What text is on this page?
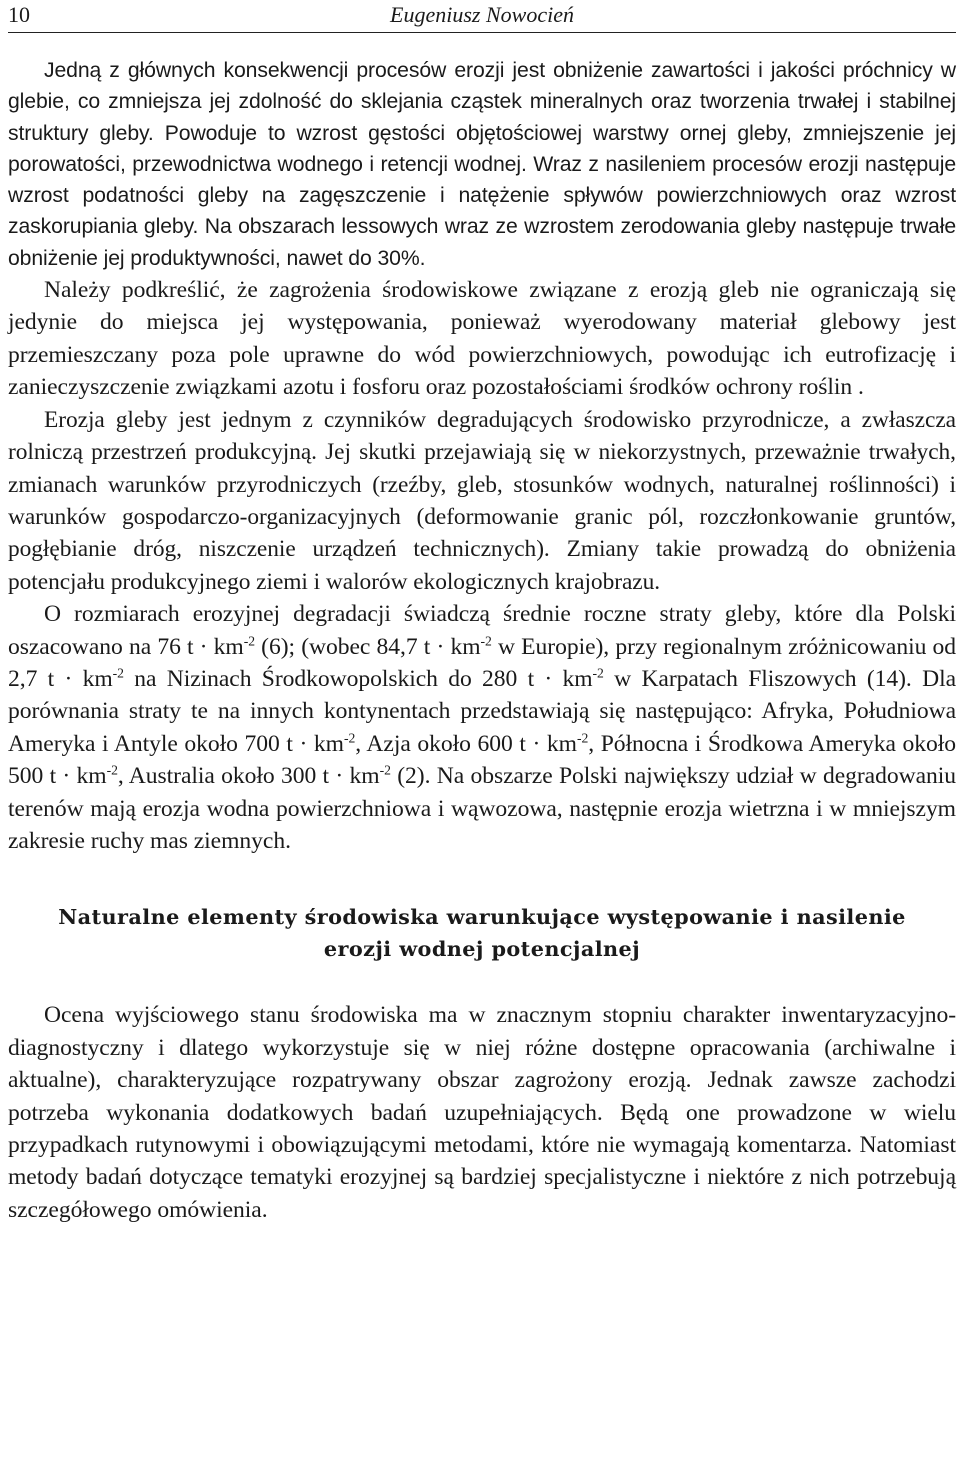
10	Eugeniusz Nowocień

Jedną z głównych konsekwencji procesów erozji jest obniżenie zawartości i jakości próchnicy w glebie, co zmniejsza jej zdolność do sklejania cząstek mineralnych oraz tworzenia trwałej i stabilnej struktury gleby. Powoduje to wzrost gęstości objętościowej warstwy ornej gleby, zmniejszenie jej porowatości, przewodnictwa wodnego i retencji wodnej. Wraz z nasileniem procesów erozji następuje wzrost podatności gleby na zagęszczenie i natężenie spływów powierzchniowych oraz wzrost zaskorupiania gleby. Na obszarach lessowych wraz ze wzrostem zerodowania gleby następuje trwałe obniżenie jej produktywności, nawet do 30%.

Należy podkreślić, że zagrożenia środowiskowe związane z erozją gleb nie ograniczają się jedynie do miejsca jej występowania, ponieważ wyerodowany materiał glebowy jest przemieszczany poza pole uprawne do wód powierzchniowych, powodując ich eutrofizację i zanieczyszczenie związkami azotu i fosforu oraz pozostałościami środków ochrony roślin .

Erozja gleby jest jednym z czynników degradujących środowisko przyrodnicze, a zwłaszcza rolniczą przestrzeń produkcyjną. Jej skutki przejawiają się w niekorzystnych, przeważnie trwałych, zmianach warunków przyrodniczych (rzeźby, gleb, stosunków wodnych, naturalnej roślinności) i warunków gospodarczo-organizacyjnych (deformowanie granic pól, rozczłonkowanie gruntów, pogłębianie dróg, niszczenie urządzeń technicznych). Zmiany takie prowadzą do obniżenia potencjału produkcyjnego ziemi i walorów ekologicznych krajobrazu.

O rozmiarach erozyjnej degradacji świadczą średnie roczne straty gleby, które dla Polski oszacowano na 76 $t \cdot km^{-2}$ (6); (wobec 84,7 $t \cdot km^{-2}$ w Europie), przy regionalnym zróżnicowaniu od 2,7 $t \cdot km^{-2}$ na Nizinach Środkowopolskich do 280 $t \cdot km^{-2}$ w Karpatach Fliszowych (14). Dla porównania straty te na innych kontynentach przedstawiają się następująco: Afryka, Południowa Ameryka i Antyle około 700 $t \cdot km^{-2}$, Azja około 600 $t \cdot km^{-2}$, Północna i Środkowa Ameryka około 500 $t \cdot km^{-2}$, Australia około 300 $t \cdot km^{-2}$ (2). Na obszarze Polski największy udział w degradowaniu terenów mają erozja wodna powierzchniowa i wąwozowa, następnie erozja wietrzna i w mniejszym zakresie ruchy mas ziemnych.

Naturalne elementy środowiska warunkujące występowanie i nasilenie
erozji wodnej potencjalnej

Ocena wyjściowego stanu środowiska ma w znacznym stopniu charakter inwentaryzacyjno-diagnostyczny i dlatego wykorzystuje się w niej różne dostępne opracowania (archiwalne i aktualne), charakteryzujące rozpatrywany obszar zagrożony erozją. Jednak zawsze zachodzi potrzeba wykonania dodatkowych badań uzupełniających. Będą one prowadzone w wielu przypadkach rutynowymi i obowiązującymi metodami, które nie wymagają komentarza. Natomiast metody badań dotyczące tematyki erozyjnej są bardziej specjalistyczne i niektóre z nich potrzebują szczegółowego omówienia.
